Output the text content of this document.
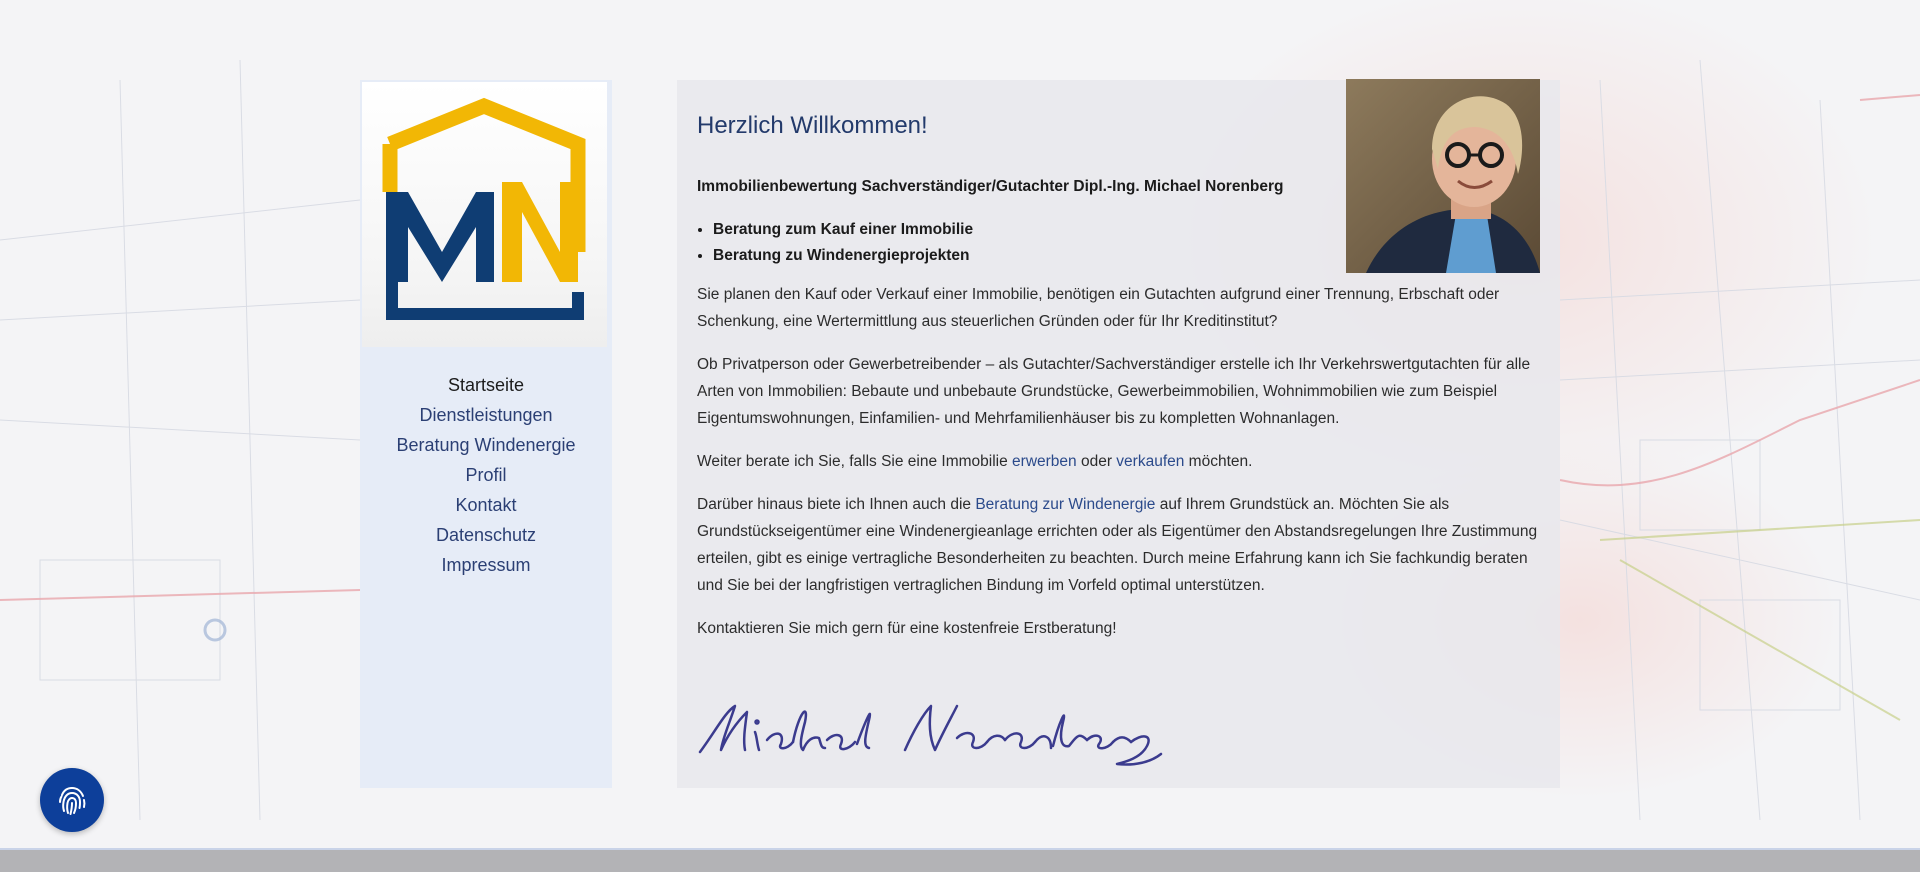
Startseite
Dienstleistungen
Beratung Windenergie
Profil
Kontakt
Datenschutz
Impressum
Herzlich Willkommen!

Immobilienbewertung Sachverständiger/Gutachter Dipl.-Ing. Michael Norenberg

• Beratung zum Kauf einer Immobilie
• Beratung zu Windenergieprojekten

Sie planen den Kauf oder Verkauf einer Immobilie, benötigen ein Gutachten aufgrund einer Trennung, Erbschaft oder Schenkung, eine Wertermittlung aus steuerlichen Gründen oder für Ihr Kreditinstitut?

Ob Privatperson oder Gewerbetreibender – als Gutachter/Sachverständiger erstelle ich Ihr Verkehrswertgutachten für alle Arten von Immobilien: Bebaute und unbebaute Grundstücke, Gewerbeimmobilien, Wohnimmobilien wie zum Beispiel Eigentumswohnungen, Einfamilien- und Mehrfamilienhäuser bis zu kompletten Wohnanlagen.

Weiter berate ich Sie, falls Sie eine Immobilie erwerben oder verkaufen möchten.

Darüber hinaus biete ich Ihnen auch die Beratung zur Windenergie auf Ihrem Grundstück an. Möchten Sie als Grundstückseigentümer eine Windenergieanlage errichten oder als Eigentümer den Abstandsregelungen Ihre Zustimmung erteilen, gibt es einige vertragliche Besonderheiten zu beachten. Durch meine Erfahrung kann ich Sie fachkundig beraten und Sie bei der langfristigen vertraglichen Bindung im Vorfeld optimal unterstützen.

Kontaktieren Sie mich gern für eine kostenfreie Erstberatung!
